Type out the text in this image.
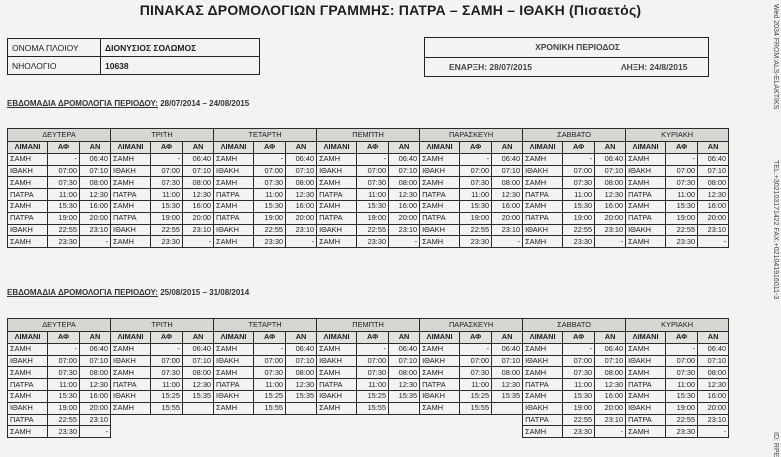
ΠΙΝΑΚΑΣ ΔΡΟΜΟΛΟΓΙΩΝ ΓΡΑΜΜΗΣ: ΠΑΤΡΑ – ΣΑΜΗ – ΙΘΑΚΗ (Πισαετός)
ΟΝΟΜΑ ΠΛΟΙΟΥ	ΔΙΟΝΥΣΙΟΣ ΣΟΛΩΜΟΣ
ΝΗΟΛΟΓΙΟ	10638
ΧΡΟΝΙΚΗ ΠΕΡΙΟΔΟΣ
ΕΝΑΡΞΗ: 28/07/2015	ΛΗΞΗ: 24/8/2015
ΕΒΔΟΜΑΔΙΑ ΔΡΟΜΟΛΟΓΙΑ ΠΕΡΙΟΔΟΥ: 28/07/2014 – 24/08/2015
ΔΕΥΤΕΡΑ			ΤΡΙΤΗ			ΤΕΤΑΡΤΗ			ΠΕΜΠΤΗ			ΠΑΡΑΣΚΕΥΗ			ΣΑΒΒΑΤΟ			ΚΥΡΙΑΚΗ		
ΛΙΜΑΝΙ	ΑΦ	ΑΝ	ΛΙΜΑΝΙ	ΑΦ	ΑΝ	ΛΙΜΑΝΙ	ΑΦ	ΑΝ	ΛΙΜΑΝΙ	ΑΦ	ΑΝ	ΛΙΜΑΝΙ	ΑΦ	ΑΝ	ΛΙΜΑΝΙ	ΑΦ	ΑΝ	ΛΙΜΑΝΙ	ΑΦ	ΑΝ
ΣΑΜΗ	-	06:40	ΣΑΜΗ	-	06:40	ΣΑΜΗ	-	06:40	ΣΑΜΗ	-	06:40	ΣΑΜΗ	-	06:40	ΣΑΜΗ	-	06:40	ΣΑΜΗ	-	06:40
ΙΘΑΚΗ	07:00	07:10	ΙΘΑΚΗ	07:00	07:10	ΙΘΑΚΗ	07:00	07:10	ΙΘΑΚΗ	07:00	07:10	ΙΘΑΚΗ	07:00	07:10	ΙΘΑΚΗ	07:00	07:10	ΙΘΑΚΗ	07:00	07:10
ΣΑΜΗ	07:30	08:00	ΣΑΜΗ	07:30	08:00	ΣΑΜΗ	07:30	08:00	ΣΑΜΗ	07:30	08:00	ΣΑΜΗ	07:30	08:00	ΣΑΜΗ	07:30	08:00	ΣΑΜΗ	07:30	08:00
ΠΑΤΡΑ	11:00	12:30	ΠΑΤΡΑ	11:00	12:30	ΠΑΤΡΑ	11:00	12:30	ΠΑΤΡΑ	11:00	12:30	ΠΑΤΡΑ	11:00	12:30	ΠΑΤΡΑ	11:00	12:30	ΠΑΤΡΑ	11:00	12:30
ΣΑΜΗ	15:30	16:00	ΣΑΜΗ	15:30	16:00	ΣΑΜΗ	15:30	16:00	ΣΑΜΗ	15:30	16:00	ΣΑΜΗ	15:30	16:00	ΣΑΜΗ	15:30	16:00	ΣΑΜΗ	15:30	16:00
ΠΑΤΡΑ	19:00	20:00	ΠΑΤΡΑ	19:00	20:00	ΠΑΤΡΑ	19:00	20:00	ΠΑΤΡΑ	19:00	20:00	ΠΑΤΡΑ	19:00	20:00	ΠΑΤΡΑ	19:00	20:00	ΠΑΤΡΑ	19:00	20:00
ΙΘΑΚΗ	22:55	23:10	ΙΘΑΚΗ	22:55	23:10	ΙΘΑΚΗ	22:55	23:10	ΙΘΑΚΗ	22:55	23:10	ΙΘΑΚΗ	22:55	23:10	ΙΘΑΚΗ	22:55	23:10	ΙΘΑΚΗ	22:55	23:10
ΣΑΜΗ	23:30	-	ΣΑΜΗ	23:30	-	ΣΑΜΗ	23:30	-	ΣΑΜΗ	23:30	-	ΣΑΜΗ	23:30	-	ΣΑΜΗ	23:30	-	ΣΑΜΗ	23:30	-
ΕΒΔΟΜΑΔΙΑ ΔΡΟΜΟΛΟΓΙΑ ΠΕΡΙΟΔΟΥ: 25/08/2015 – 31/08/2014
ΔΕΥΤΕΡΑ			ΤΡΙΤΗ			ΤΕΤΑΡΤΗ			ΠΕΜΠΤΗ			ΠΑΡΑΣΚΕΥΗ			ΣΑΒΒΑΤΟ			ΚΥΡΙΑΚΗ		
ΛΙΜΑΝΙ	ΑΦ	ΑΝ	ΛΙΜΑΝΙ	ΑΦ	ΑΝ	ΛΙΜΑΝΙ	ΑΦ	ΑΝ	ΛΙΜΑΝΙ	ΑΦ	ΑΝ	ΛΙΜΑΝΙ	ΑΦ	ΑΝ	ΛΙΜΑΝΙ	ΑΦ	ΑΝ	ΛΙΜΑΝΙ	ΑΦ	ΑΝ
ΣΑΜΗ	-	06:40	ΣΑΜΗ	-	06:40	ΣΑΜΗ	-	06:40	ΣΑΜΗ	-	06:40	ΣΑΜΗ	-	06:40	ΣΑΜΗ	-	06:40	ΣΑΜΗ	-	06:40
ΙΘΑΚΗ	07:00	07:10	ΙΘΑΚΗ	07:00	07:10	ΙΘΑΚΗ	07:00	07:10	ΙΘΑΚΗ	07:00	07:10	ΙΘΑΚΗ	07:00	07:10	ΙΘΑΚΗ	07:00	07:10	ΙΘΑΚΗ	07:00	07:10
ΣΑΜΗ	07:30	08:00	ΣΑΜΗ	07:30	08:00	ΣΑΜΗ	07:30	08:00	ΣΑΜΗ	07:30	08:00	ΣΑΜΗ	07:30	08:00	ΣΑΜΗ	07:30	08:00	ΣΑΜΗ	07:30	08:00
ΠΑΤΡΑ	11:00	12:30	ΠΑΤΡΑ	11:00	12:30	ΠΑΤΡΑ	11:00	12:30	ΠΑΤΡΑ	11:00	12:30	ΠΑΤΡΑ	11:00	12:30	ΠΑΤΡΑ	11:00	12:30	ΠΑΤΡΑ	11:00	12:30
ΣΑΜΗ	15:30	16:00	ΙΘΑΚΗ	15:25	15:35	ΙΘΑΚΗ	15:25	15:35	ΙΘΑΚΗ	15:25	15:35	ΙΘΑΚΗ	15:25	15:35	ΣΑΜΗ	15:30	16:00	ΣΑΜΗ	15:30	16:00
ΙΘΑΚΗ	19:00	20:00	ΣΑΜΗ	15:55		ΣΑΜΗ	15:55		ΣΑΜΗ	15:55		ΣΑΜΗ	15:55		ΙΘΑΚΗ	19:00	20:00	ΙΘΑΚΗ	19:00	20:00
ΠΑΤΡΑ	22:55	23:10													ΠΑΤΡΑ	22:55	23:10	ΠΑΤΡΑ	22:55	23:10
ΣΑΜΗ	23:30	-													ΣΑΜΗ	23:30	-	ΣΑΜΗ	23:30	-
Wed 2034 FROM:ALS-ELAKTIKS
TEL:+302103171422 FAX:+021041916011-3
ID: RPE
